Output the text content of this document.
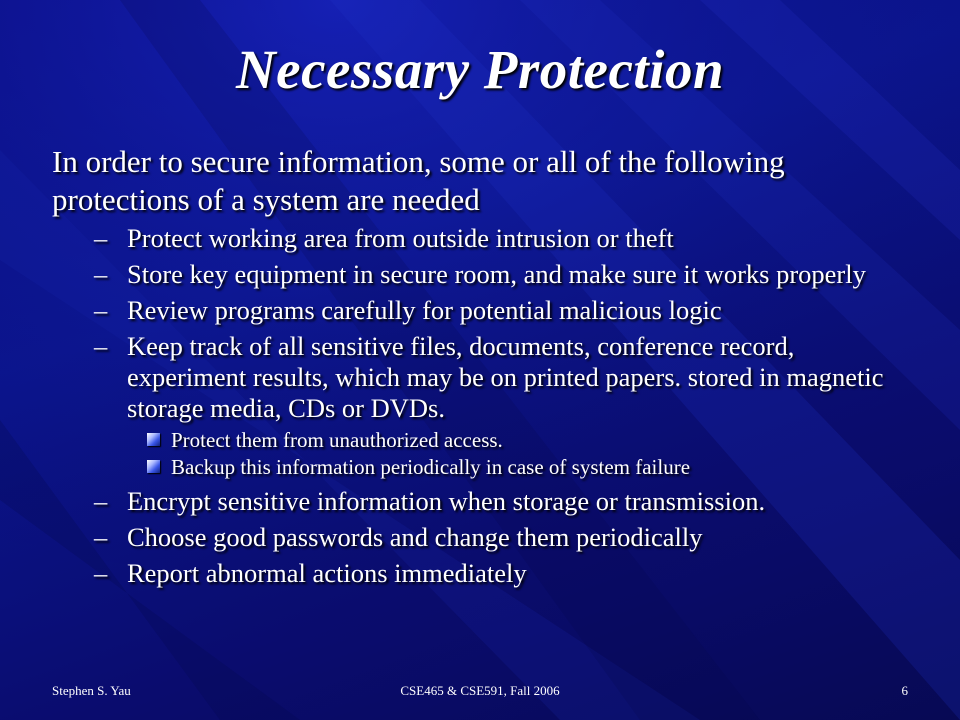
Necessary Protection

In order to secure information, some or all of the following protections of a system are needed

– Protect working area from outside intrusion or theft
– Store key equipment in secure room, and make sure it works properly
– Review programs carefully for potential malicious logic
– Keep track of all sensitive files, documents, conference record, experiment results, which may be on printed papers. stored in magnetic storage media, CDs or DVDs.
Protect them from unauthorized access.
Backup this information periodically in case of system failure
– Encrypt sensitive information when storage or transmission.
– Choose good passwords and change them periodically
– Report abnormal actions immediately

Stephen S. Yau	CSE465 & CSE591, Fall 2006	6
